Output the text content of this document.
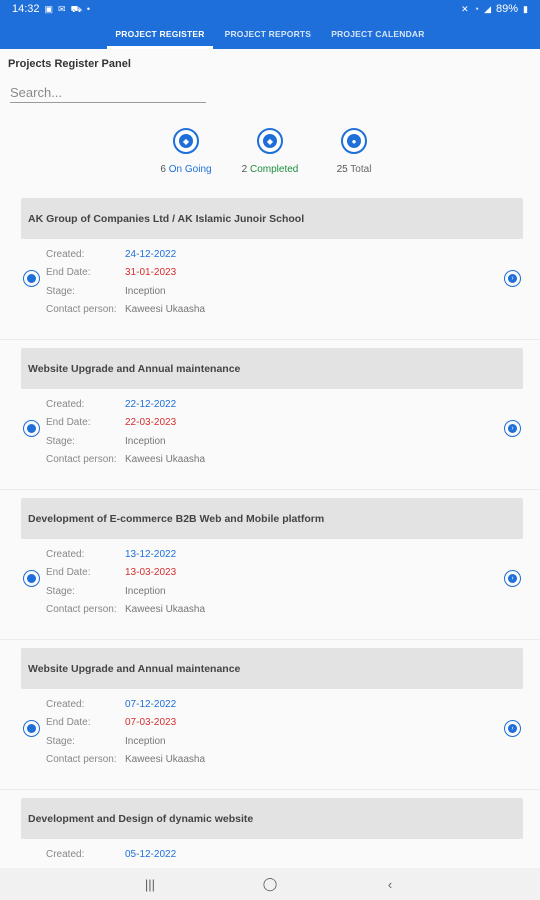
14:32 ▣ ✉ ⛟ •	✕ ◔ ◢ 89% ▮
PROJECT REGISTER	PROJECT REPORTS	PROJECT CALENDAR
Projects Register Panel
Search...
◆
6 On Going
◆
2 Completed
●
25 Total
AK Group of Companies Ltd / AK Islamic Junoir School
Created:	24-12-2022
End Date:	31-01-2023
Stage:	Inception
Contact person: Kaweesi Ukaasha
›
Website Upgrade and Annual maintenance
Created:	22-12-2022
End Date:	22-03-2023
Stage:	Inception
Contact person: Kaweesi Ukaasha
›
Development of E-commerce B2B Web and Mobile platform
Created:	13-12-2022
End Date:	13-03-2023
Stage:	Inception
Contact person: Kaweesi Ukaasha
›
Website Upgrade and Annual maintenance
Created:	07-12-2022
End Date:	07-03-2023
Stage:	Inception
Contact person: Kaweesi Ukaasha
›
Development and Design of dynamic website
Created:	05-12-2022
|||	◯	‹
